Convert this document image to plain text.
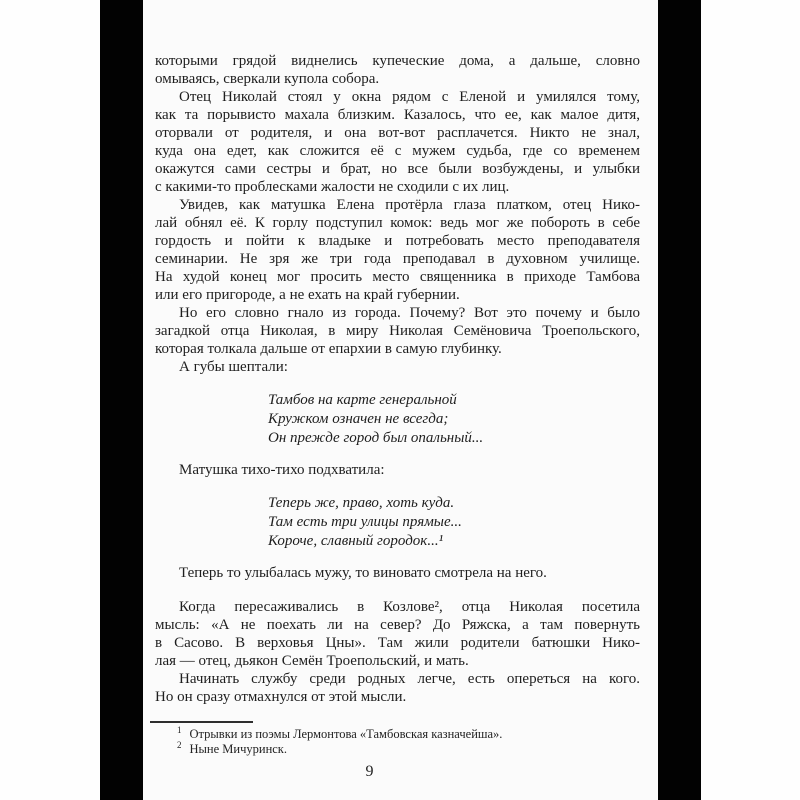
которыми грядой виднелись купеческие дома, а дальше, словно
омываясь, сверкали купола собора.
Отец Николай стоял у окна рядом с Еленой и умилялся тому,
как та порывисто махала близким. Казалось, что ее, как малое дитя,
оторвали от родителя, и она вот-вот расплачется. Никто не знал,
куда она едет, как сложится её с мужем судьба, где со временем
окажутся сами сестры и брат, но все были возбуждены, и улыбки
с какими-то проблесками жалости не сходили с их лиц.
Увидев, как матушка Елена протёрла глаза платком, отец Нико-
лай обнял её. К горлу подступил комок: ведь мог же побороть в себе
гордость и пойти к владыке и потребовать место преподавателя
семинарии. Не зря же три года преподавал в духовном училище.
На худой конец мог просить место священника в приходе Тамбова
или его пригороде, а не ехать на край губернии.
Но его словно гнало из города. Почему? Вот это почему и было
загадкой отца Николая, в миру Николая Семёновича Троепольского,
которая толкала дальше от епархии в самую глубинку.
А губы шептали:
Тамбов на карте генеральной
Кружком означен не всегда;
Он прежде город был опальный...
Матушка тихо-тихо подхватила:
Теперь же, право, хоть куда.
Там есть три улицы прямые...
Короче, славный городок...¹
Теперь то улыбалась мужу, то виновато смотрела на него.
Когда пересаживались в Козлове², отца Николая посетила
мысль: «А не поехать ли на север? До Ряжска, а там повернуть
в Сасово. В верховья Цны». Там жили родители батюшки Нико-
лая — отец, дьякон Семён Троепольский, и мать.
Начинать службу среди родных легче, есть опереться на кого.
Но он сразу отмахнулся от этой мысли.
$^1$ Отрывки из поэмы Лермонтова «Тамбовская казначейша».
$^2$ Ныне Мичуринск.
9
